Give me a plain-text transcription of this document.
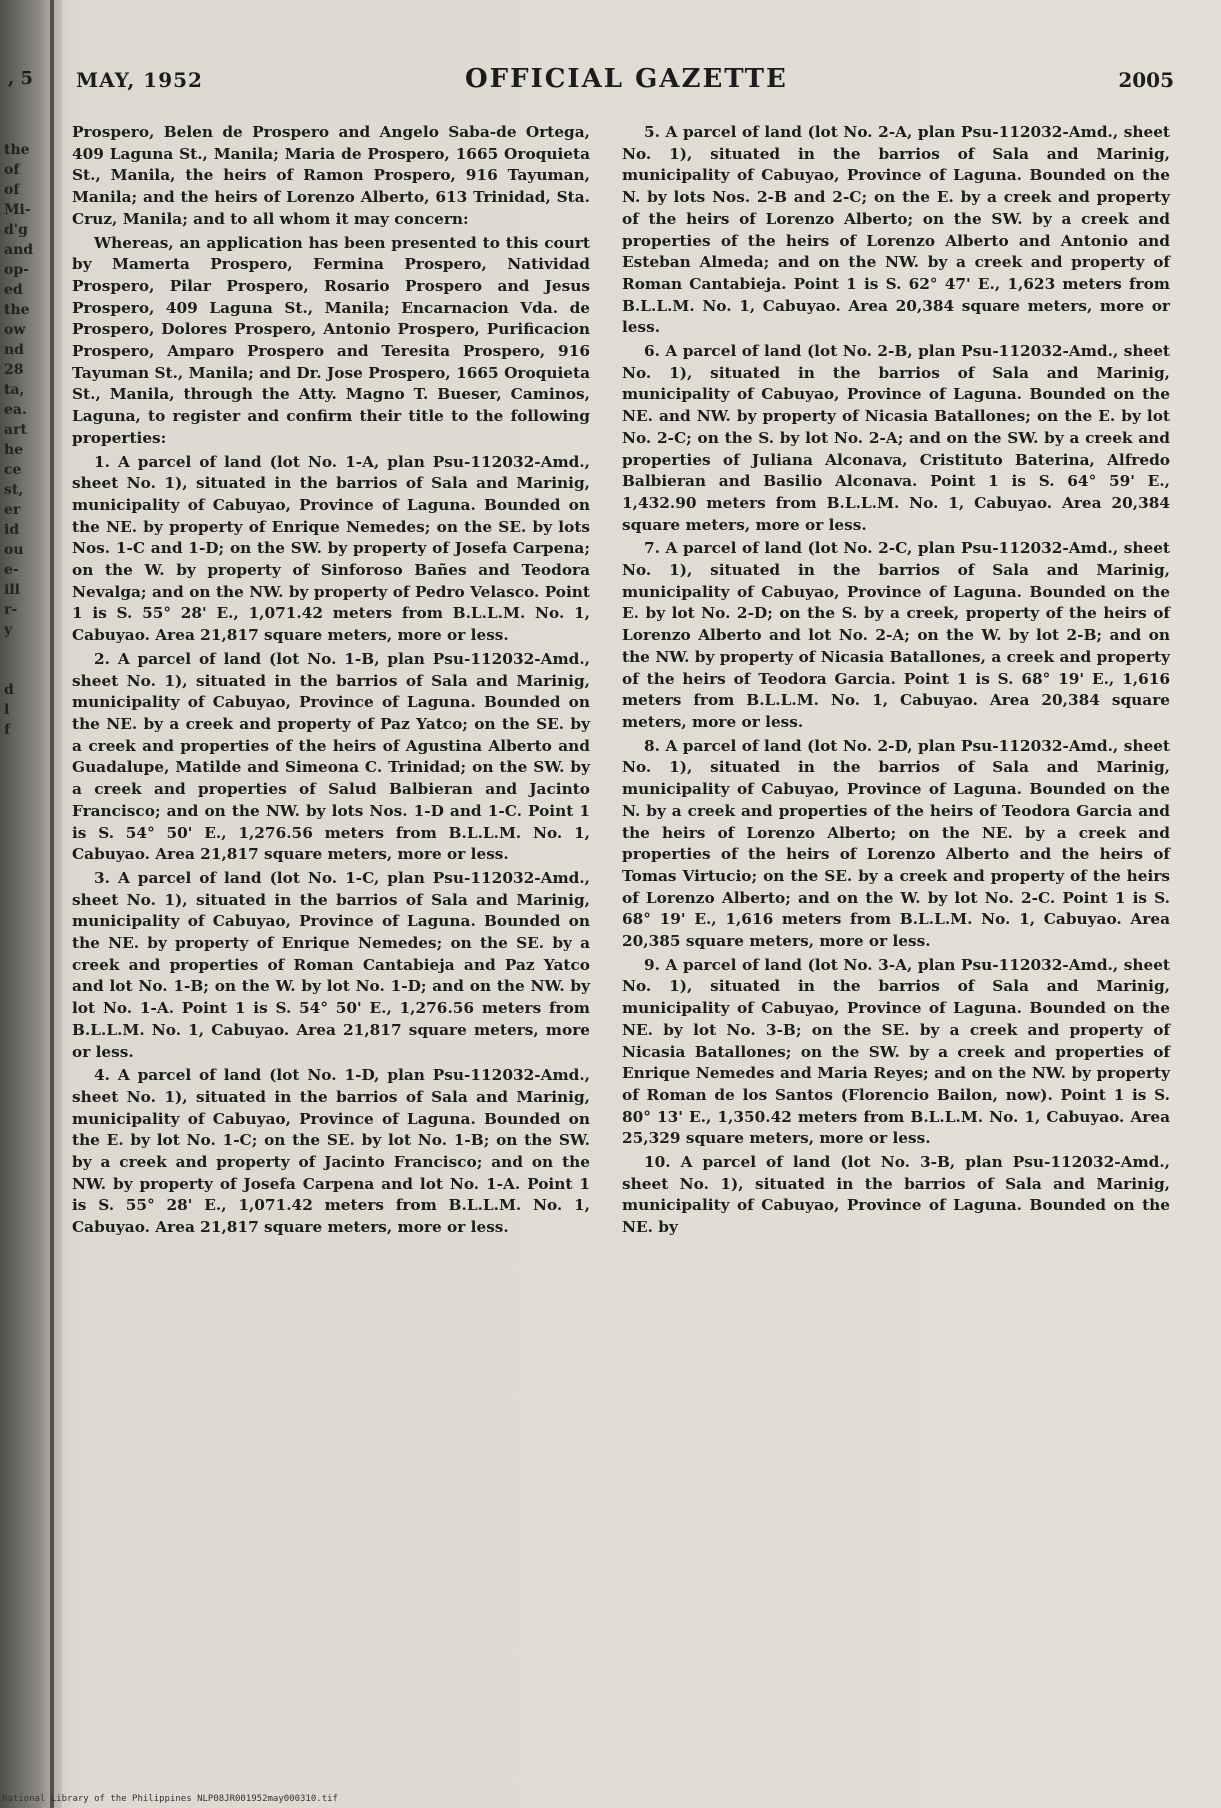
the
of
of
Mi-
d'g
and
op-
ed
the
ow
nd
28
ta,
ea.
art
he
ce
st,
er
id
ou
e-
ill
r-
y
d
l
f
, 5 MAY, 1952	OFFICIAL GAZETTE	2005

Prospero, Belen de Prospero and Angelo Saba-de Ortega, 409 Laguna St., Manila; Maria de Prospero, 1665 Oroquieta St., Manila, the heirs of Ramon Prospero, 916 Tayuman, Manila; and the heirs of Lorenzo Alberto, 613 Trinidad, Sta. Cruz, Manila; and to all whom it may concern:

Whereas, an application has been presented to this court by Mamerta Prospero, Fermina Prospero, Natividad Prospero, Pilar Prospero, Rosario Prospero and Jesus Prospero, 409 Laguna St., Manila; Encarnacion Vda. de Prospero, Dolores Prospero, Antonio Prospero, Purificacion Prospero, Amparo Prospero and Teresita Prospero, 916 Tayuman St., Manila; and Dr. Jose Prospero, 1665 Oroquieta St., Manila, through the Atty. Magno T. Bueser, Caminos, Laguna, to register and confirm their title to the following properties:

1. A parcel of land (lot No. 1-A, plan Psu-112032-Amd., sheet No. 1), situated in the barrios of Sala and Marinig, municipality of Cabuyao, Province of Laguna. Bounded on the NE. by property of Enrique Nemedes; on the SE. by lots Nos. 1-C and 1-D; on the SW. by property of Josefa Carpena; on the W. by property of Sinforoso Bañes and Teodora Nevalga; and on the NW. by property of Pedro Velasco. Point 1 is S. 55° 28' E., 1,071.42 meters from B.L.L.M. No. 1, Cabuyao. Area 21,817 square meters, more or less.

2. A parcel of land (lot No. 1-B, plan Psu-112032-Amd., sheet No. 1), situated in the barrios of Sala and Marinig, municipality of Cabuyao, Province of Laguna. Bounded on the NE. by a creek and property of Paz Yatco; on the SE. by a creek and properties of the heirs of Agustina Alberto and Guadalupe, Matilde and Simeona C. Trinidad; on the SW. by a creek and properties of Salud Balbieran and Jacinto Francisco; and on the NW. by lots Nos. 1-D and 1-C. Point 1 is S. 54° 50' E., 1,276.56 meters from B.L.L.M. No. 1, Cabuyao. Area 21,817 square meters, more or less.

3. A parcel of land (lot No. 1-C, plan Psu-112032-Amd., sheet No. 1), situated in the barrios of Sala and Marinig, municipality of Cabuyao, Province of Laguna. Bounded on the NE. by property of Enrique Nemedes; on the SE. by a creek and properties of Roman Cantabieja and Paz Yatco and lot No. 1-B; on the W. by lot No. 1-D; and on the NW. by lot No. 1-A. Point 1 is S. 54° 50' E., 1,276.56 meters from B.L.L.M. No. 1, Cabuyao. Area 21,817 square meters, more or less.

4. A parcel of land (lot No. 1-D, plan Psu-112032-Amd., sheet No. 1), situated in the barrios of Sala and Marinig, municipality of Cabuyao, Province of Laguna. Bounded on the E. by lot No. 1-C; on the SE. by lot No. 1-B; on the SW. by a creek and property of Jacinto Francisco; and on the NW. by property of Josefa Carpena and lot No. 1-A. Point 1 is S. 55° 28' E., 1,071.42 meters from B.L.L.M. No. 1, Cabuyao. Area 21,817 square meters, more or less.

5. A parcel of land (lot No. 2-A, plan Psu-112032-Amd., sheet No. 1), situated in the barrios of Sala and Marinig, municipality of Cabuyao, Province of Laguna. Bounded on the N. by lots Nos. 2-B and 2-C; on the E. by a creek and property of the heirs of Lorenzo Alberto; on the SW. by a creek and properties of the heirs of Lorenzo Alberto and Antonio and Esteban Almeda; and on the NW. by a creek and property of Roman Cantabieja. Point 1 is S. 62° 47' E., 1,623 meters from B.L.L.M. No. 1, Cabuyao. Area 20,384 square meters, more or less.

6. A parcel of land (lot No. 2-B, plan Psu-112032-Amd., sheet No. 1), situated in the barrios of Sala and Marinig, municipality of Cabuyao, Province of Laguna. Bounded on the NE. and NW. by property of Nicasia Batallones; on the E. by lot No. 2-C; on the S. by lot No. 2-A; and on the SW. by a creek and properties of Juliana Alconava, Cristituto Baterina, Alfredo Balbieran and Basilio Alconava. Point 1 is S. 64° 59' E., 1,432.90 meters from B.L.L.M. No. 1, Cabuyao. Area 20,384 square meters, more or less.

7. A parcel of land (lot No. 2-C, plan Psu-112032-Amd., sheet No. 1), situated in the barrios of Sala and Marinig, municipality of Cabuyao, Province of Laguna. Bounded on the E. by lot No. 2-D; on the S. by a creek, property of the heirs of Lorenzo Alberto and lot No. 2-A; on the W. by lot 2-B; and on the NW. by property of Nicasia Batallones, a creek and property of the heirs of Teodora Garcia. Point 1 is S. 68° 19' E., 1,616 meters from B.L.L.M. No. 1, Cabuyao. Area 20,384 square meters, more or less.

8. A parcel of land (lot No. 2-D, plan Psu-112032-Amd., sheet No. 1), situated in the barrios of Sala and Marinig, municipality of Cabuyao, Province of Laguna. Bounded on the N. by a creek and properties of the heirs of Teodora Garcia and the heirs of Lorenzo Alberto; on the NE. by a creek and properties of the heirs of Lorenzo Alberto and the heirs of Tomas Virtucio; on the SE. by a creek and property of the heirs of Lorenzo Alberto; and on the W. by lot No. 2-C. Point 1 is S. 68° 19' E., 1,616 meters from B.L.L.M. No. 1, Cabuyao. Area 20,385 square meters, more or less.

9. A parcel of land (lot No. 3-A, plan Psu-112032-Amd., sheet No. 1), situated in the barrios of Sala and Marinig, municipality of Cabuyao, Province of Laguna. Bounded on the NE. by lot No. 3-B; on the SE. by a creek and property of Nicasia Batallones; on the SW. by a creek and properties of Enrique Nemedes and Maria Reyes; and on the NW. by property of Roman de los Santos (Florencio Bailon, now). Point 1 is S. 80° 13' E., 1,350.42 meters from B.L.L.M. No. 1, Cabuyao. Area 25,329 square meters, more or less.

10. A parcel of land (lot No. 3-B, plan Psu-112032-Amd., sheet No. 1), situated in the barrios of Sala and Marinig, municipality of Cabuyao, Province of Laguna. Bounded on the NE. by

National Library of the Philippines NLP08JR001952may000310.tif
